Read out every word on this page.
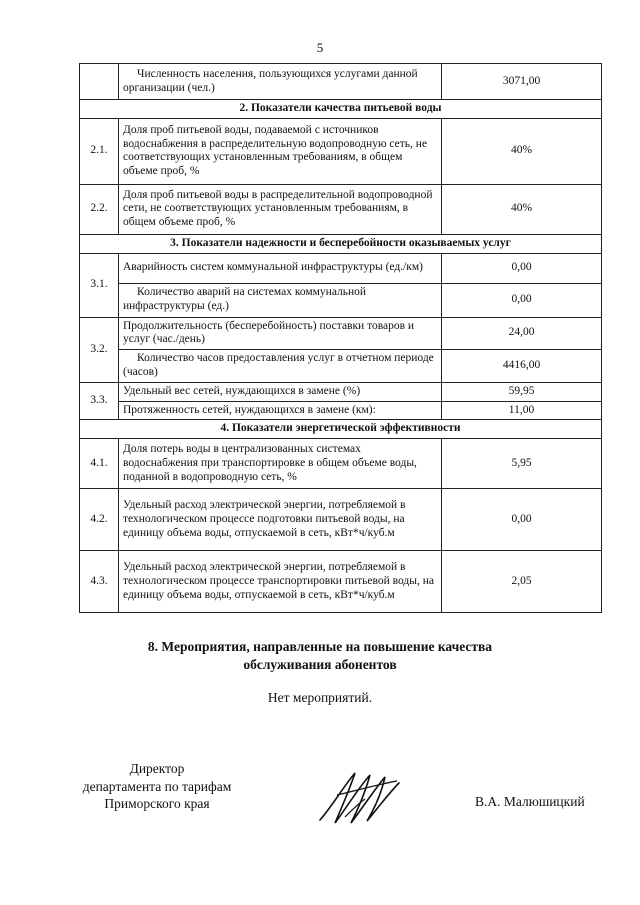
5
	Численность населения, пользующихся услугами данной организации (чел.)	3071,00
2. Показатели качества питьевой воды		
2.1.	Доля проб питьевой воды, подаваемой с источников водоснабжения в распределительную водопроводную сеть, не соответствующих установленным требованиям, в общем объеме проб, %	40%
2.2.	Доля проб питьевой воды в распределительной водопроводной сети, не соответствующих установленным требованиям, в общем объеме проб, %	40%
3. Показатели надежности и бесперебойности оказываемых услуг		
3.1.	Аварийность систем коммунальной инфраструктуры (ед./км)	0,00
	Количество аварий на системах коммунальной инфраструктуры (ед.)	0,00
3.2.	Продолжительность (бесперебойность) поставки товаров и услуг (час./день)	24,00
	Количество часов предоставления услуг в отчетном периоде (часов)	4416,00
3.3.	Удельный вес сетей, нуждающихся в замене (%)	59,95
	Протяженность сетей, нуждающихся в замене (км):	11,00
4. Показатели энергетической эффективности		
4.1.	Доля потерь воды в централизованных системах водоснабжения при транспортировке в общем объеме воды, поданной в водопроводную сеть, %	5,95
4.2.	Удельный расход электрической энергии, потребляемой в технологическом процессе подготовки питьевой воды, на единицу объема воды, отпускаемой в сеть, кВт*ч/куб.м	0,00
4.3.	Удельный расход электрической энергии, потребляемой в технологическом процессе транспортировки питьевой воды, на единицу объема воды, отпускаемой в сеть, кВт*ч/куб.м	2,05
8. Мероприятия, направленные на повышение качества
обслуживания абонентов
Нет мероприятий.
Директор
департамента по тарифам
Приморского края	В.А. Малюшицкий
